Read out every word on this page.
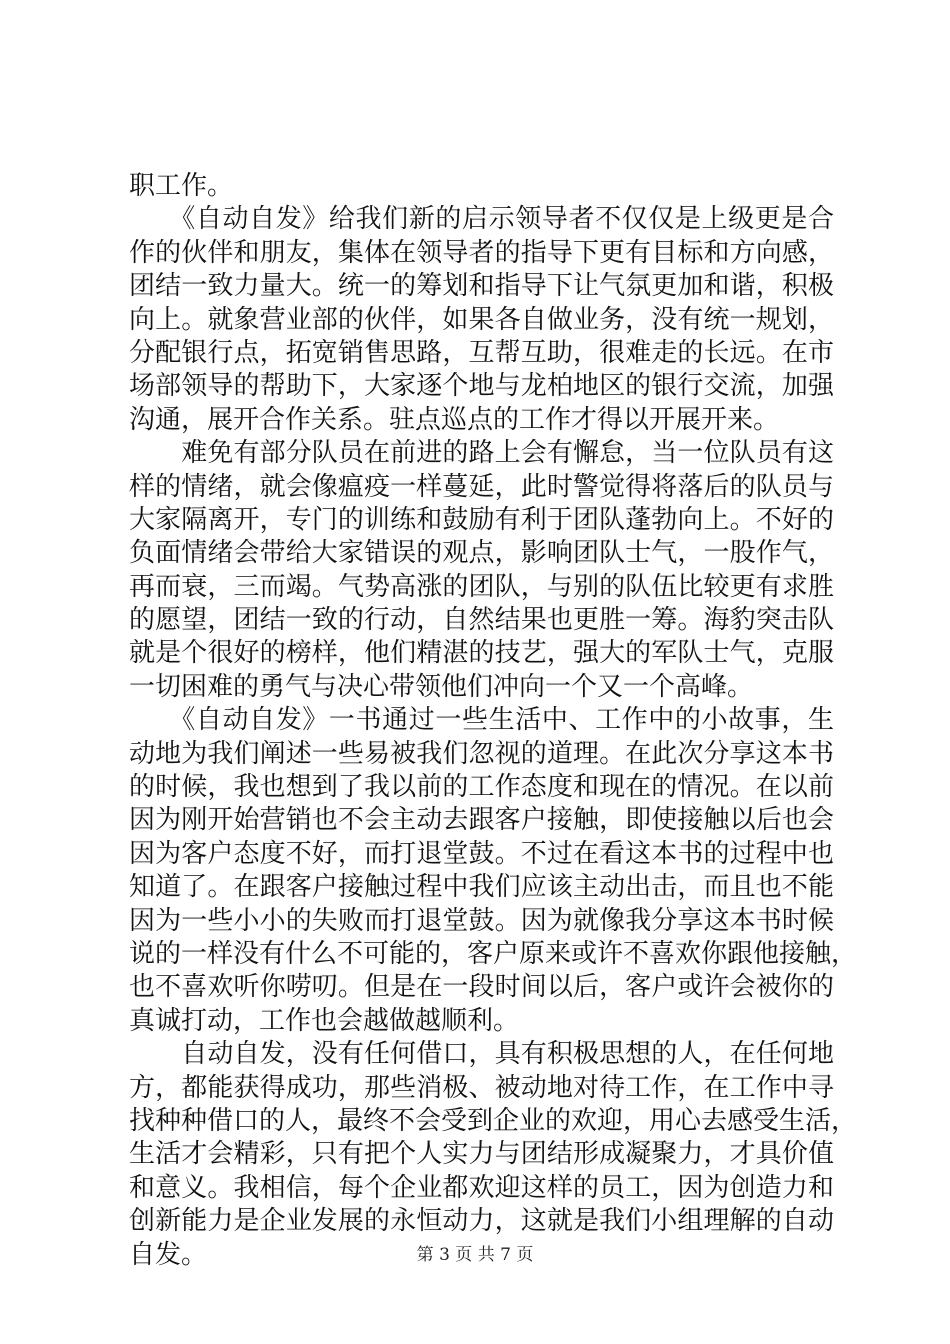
职工作。
　　《自动自发》给我们新的启示领导者不仅仅是上级更是合
作的伙伴和朋友，集体在领导者的指导下更有目标和方向感，
团结一致力量大。统一的筹划和指导下让气氛更加和谐，积极
向上。就象营业部的伙伴，如果各自做业务，没有统一规划，
分配银行点，拓宽销售思路，互帮互助，很难走的长远。在市
场部领导的帮助下，大家逐个地与龙柏地区的银行交流，加强
沟通，展开合作关系。驻点巡点的工作才得以开展开来。
　　难免有部分队员在前进的路上会有懈怠，当一位队员有这
样的情绪，就会像瘟疫一样蔓延，此时警觉得将落后的队员与
大家隔离开，专门的训练和鼓励有利于团队蓬勃向上。不好的
负面情绪会带给大家错误的观点，影响团队士气，一股作气，
再而衰，三而竭。气势高涨的团队，与别的队伍比较更有求胜
的愿望，团结一致的行动，自然结果也更胜一筹。海豹突击队
就是个很好的榜样，他们精湛的技艺，强大的军队士气，克服
一切困难的勇气与决心带领他们冲向一个又一个高峰。
　　《自动自发》一书通过一些生活中、工作中的小故事，生
动地为我们阐述一些易被我们忽视的道理。在此次分享这本书
的时候，我也想到了我以前的工作态度和现在的情况。在以前
因为刚开始营销也不会主动去跟客户接触，即使接触以后也会
因为客户态度不好，而打退堂鼓。不过在看这本书的过程中也
知道了。在跟客户接触过程中我们应该主动出击，而且也不能
因为一些小小的失败而打退堂鼓。因为就像我分享这本书时候
说的一样没有什么不可能的，客户原来或许不喜欢你跟他接触，
也不喜欢听你唠叨。但是在一段时间以后，客户或许会被你的
真诚打动，工作也会越做越顺利。
　　自动自发，没有任何借口，具有积极思想的人，在任何地
方，都能获得成功，那些消极、被动地对待工作，在工作中寻
找种种借口的人，最终不会受到企业的欢迎，用心去感受生活，
生活才会精彩，只有把个人实力与团结形成凝聚力，才具价值
和意义。我相信，每个企业都欢迎这样的员工，因为创造力和
创新能力是企业发展的永恒动力，这就是我们小组理解的自动
自发。	第 3 页 共 7 页
